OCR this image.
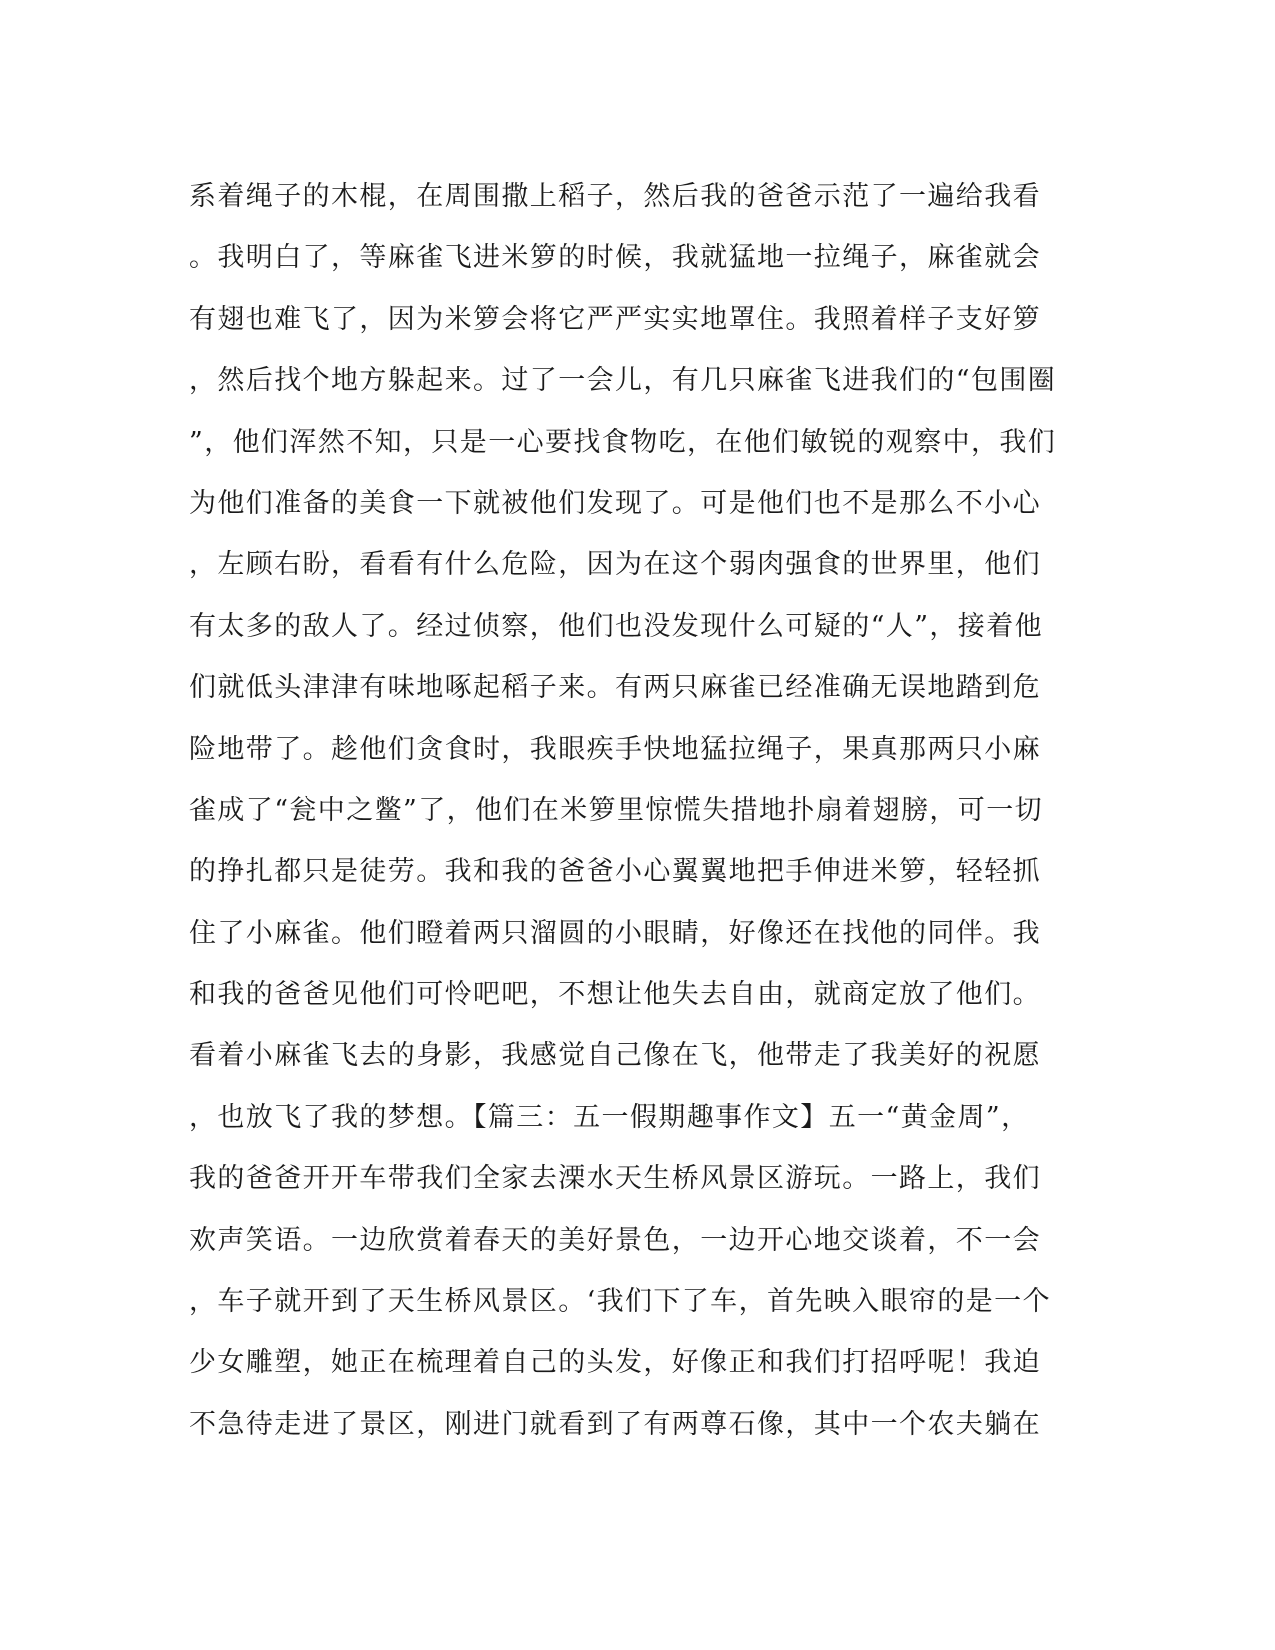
系着绳子的木棍，在周围撒上稻子，然后我的爸爸示范了一遍给我看
。我明白了，等麻雀飞进米箩的时候，我就猛地一拉绳子，麻雀就会
有翅也难飞了，因为米箩会将它严严实实地罩住。我照着样子支好箩
，然后找个地方躲起来。过了一会儿，有几只麻雀飞进我们的“包围圈
”，他们浑然不知，只是一心要找食物吃，在他们敏锐的观察中，我们
为他们准备的美食一下就被他们发现了。可是他们也不是那么不小心
，左顾右盼，看看有什么危险，因为在这个弱肉强食的世界里，他们
有太多的敌人了。经过侦察，他们也没发现什么可疑的“人”，接着他
们就低头津津有味地啄起稻子来。有两只麻雀已经准确无误地踏到危
险地带了。趁他们贪食时，我眼疾手快地猛拉绳子，果真那两只小麻
雀成了“瓮中之鳖”了，他们在米箩里惊慌失措地扑扇着翅膀，可一切
的挣扎都只是徒劳。我和我的爸爸小心翼翼地把手伸进米箩，轻轻抓
住了小麻雀。他们瞪着两只溜圆的小眼睛，好像还在找他的同伴。我
和我的爸爸见他们可怜吧吧，不想让他失去自由，就商定放了他们。
看着小麻雀飞去的身影，我感觉自己像在飞，他带走了我美好的祝愿
，也放飞了我的梦想。【篇三：五一假期趣事作文】五一“黄金周”，
我的爸爸开开车带我们全家去溧水天生桥风景区游玩。一路上，我们
欢声笑语。一边欣赏着春天的美好景色，一边开心地交谈着，不一会
，车子就开到了天生桥风景区。‘我们下了车，首先映入眼帘的是一个
少女雕塑，她正在梳理着自己的头发，好像正和我们打招呼呢！我迫
不急待走进了景区，刚进门就看到了有两尊石像，其中一个农夫躺在
